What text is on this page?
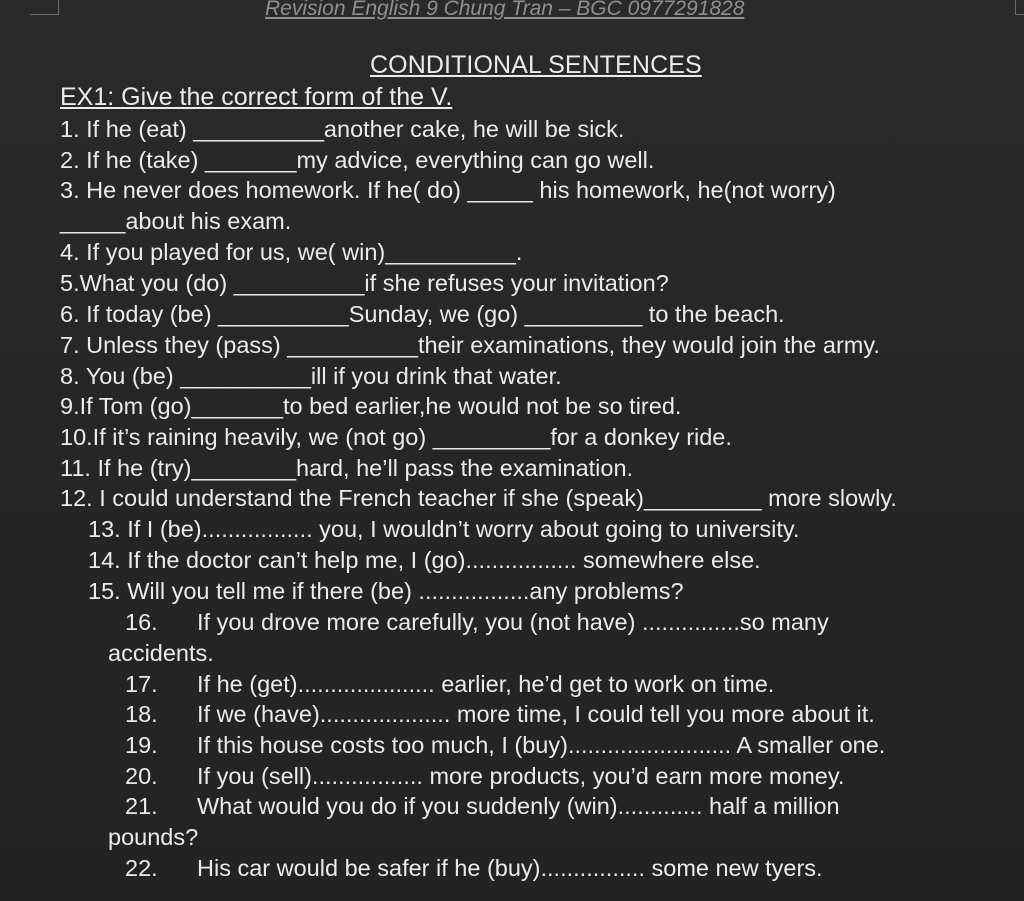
Revision English 9 Chung Tran – BGC 0977291828
CONDITIONAL SENTENCES
EX1: Give the correct form of the V.
1. If he (eat) __________another cake, he will be sick.
2. If he (take) _______my advice, everything can go well.
3. He never does homework. If he( do) _____ his homework, he(not worry)
_____about his exam.
4. If you played for us, we( win)__________.
5.What you (do) __________if she refuses your invitation?
6. If today (be) __________Sunday, we (go) _________ to the beach.
7. Unless they (pass) __________their examinations, they would join the army.
8. You (be) __________ill if you drink that water.
9.If Tom (go)_______to bed earlier,he would not be so tired.
10.If it’s raining heavily, we (not go) _________for a donkey ride.
11. If he (try)________hard, he’ll pass the examination.
12. I could understand the French teacher if she (speak)_________ more slowly.
13. If I (be)................. you, I wouldn’t worry about going to university.
14. If the doctor can’t help me, I (go)................. somewhere else.
15. Will you tell me if there (be) .................any problems?
16. If you drove more carefully, you (not have) ...............so many
accidents.
17. If he (get)..................... earlier, he’d get to work on time.
18. If we (have).................... more time, I could tell you more about it.
19. If this house costs too much, I (buy)......................... A smaller one.
20. If you (sell)................. more products, you’d earn more money.
21. What would you do if you suddenly (win)............. half a million
pounds?
22. His car would be safer if he (buy)................ some new tyers.
